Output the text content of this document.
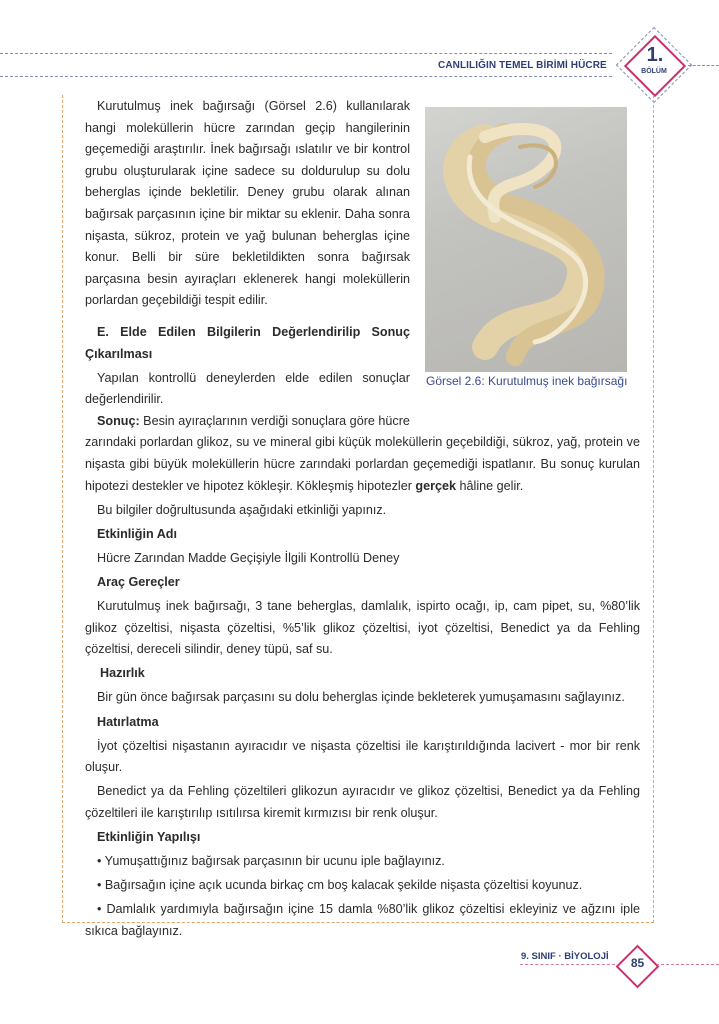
CANLILIĞIN TEMEL BİRİMİ HÜCRE	1.
BÖLÜM
Görsel 2.6: Kurutulmuş inek bağırsağı

Kurutulmuş inek bağırsağı (Görsel 2.6) kullanılarak hangi moleküllerin hücre zarından geçip hangilerinin geçemediği araştırılır. İnek bağırsağı ıslatılır ve bir kontrol grubu oluşturularak içine sadece su doldurulup su dolu beherglas içinde bekletilir. Deney grubu olarak alınan bağırsak parçasının içine bir miktar su eklenir. Daha sonra nişasta, sükroz, protein ve yağ bulunan beherglas içine konur. Belli bir süre bekletildikten sonra bağırsak parçasına besin ayıraçları eklenerek hangi moleküllerin porlardan geçebildiği tespit edilir.

E. Elde Edilen Bilgilerin Değerlendirilip Sonuç Çıkarılması

Yapılan kontrollü deneylerden elde edilen sonuçlar değerlendirilir.

Sonuç: Besin ayıraçlarının verdiği sonuçlara göre hücre

zarındaki porlardan glikoz, su ve mineral gibi küçük moleküllerin geçebildiği, sükroz, yağ, protein ve nişasta gibi büyük moleküllerin hücre zarındaki porlardan geçemediği ispatlanır. Bu sonuç kurulan hipotezi destekler ve hipotez kökleşir. Kökleşmiş hipotezler gerçek hâline gelir.

Bu bilgiler doğrultusunda aşağıdaki etkinliği yapınız.

Etkinliğin Adı

Hücre Zarından Madde Geçişiyle İlgili Kontrollü Deney

Araç Gereçler

Kurutulmuş inek bağırsağı, 3 tane beherglas, damlalık, ispirto ocağı, ip, cam pipet, su, %80’lik glikoz çözeltisi, nişasta çözeltisi, %5’lik glikoz çözeltisi, iyot çözeltisi, Benedict ya da Fehling çözeltisi, dereceli silindir, deney tüpü, saf su.

Hazırlık

Bir gün önce bağırsak parçasını su dolu beherglas içinde bekleterek yumuşamasını sağlayınız.

Hatırlatma

İyot çözeltisi nişastanın ayıracıdır ve nişasta çözeltisi ile karıştırıldığında lacivert - mor bir renk oluşur.

Benedict ya da Fehling çözeltileri glikozun ayıracıdır ve glikoz çözeltisi, Benedict ya da Fehling çözeltileri ile karıştırılıp ısıtılırsa kiremit kırmızısı bir renk oluşur.

Etkinliğin Yapılışı

• Yumuşattığınız bağırsak parçasının bir ucunu iple bağlayınız.

• Bağırsağın içine açık ucunda birkaç cm boş kalacak şekilde nişasta çözeltisi koyunuz.

• Damlalık yardımıyla bağırsağın içine 15 damla %80’lik glikoz çözeltisi ekleyiniz ve ağzını iple sıkıca bağlayınız.

9. SINIF · BİYOLOJİ	85
